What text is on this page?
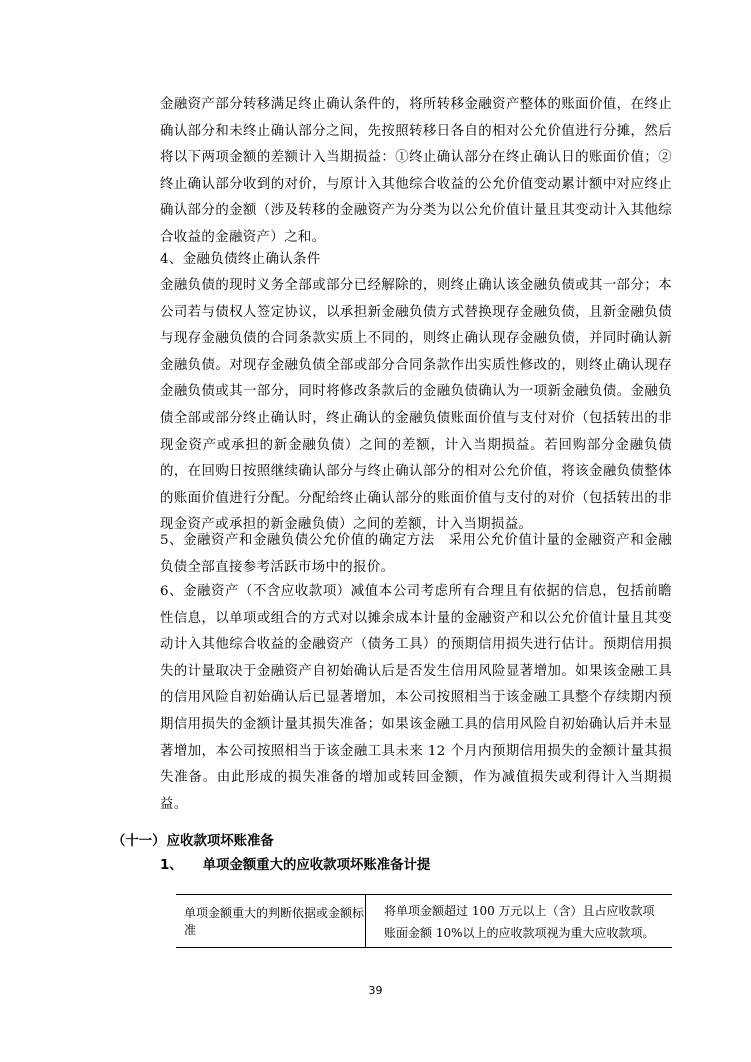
金融资产部分转移满足终止确认条件的，将所转移金融资产整体的账面价值，在终止确认部分和未终止确认部分之间，先按照转移日各自的相对公允价值进行分摊，然后将以下两项金额的差额计入当期损益：①终止确认部分在终止确认日的账面价值；②终止确认部分收到的对价，与原计入其他综合收益的公允价值变动累计额中对应终止确认部分的金额（涉及转移的金融资产为分类为以公允价值计量且其变动计入其他综合收益的金融资产）之和。

4、金融负债终止确认条件

金融负债的现时义务全部或部分已经解除的，则终止确认该金融负债或其一部分；本公司若与债权人签定协议，以承担新金融负债方式替换现存金融负债，且新金融负债与现存金融负债的合同条款实质上不同的，则终止确认现存金融负债，并同时确认新金融负债。对现存金融负债全部或部分合同条款作出实质性修改的，则终止确认现存金融负债或其一部分，同时将修改条款后的金融负债确认为一项新金融负债。金融负债全部或部分终止确认时，终止确认的金融负债账面价值与支付对价（包括转出的非现金资产或承担的新金融负债）之间的差额，计入当期损益。若回购部分金融负债的，在回购日按照继续确认部分与终止确认部分的相对公允价值，将该金融负债整体的账面价值进行分配。分配给终止确认部分的账面价值与支付的对价（包括转出的非现金资产或承担的新金融负债）之间的差额，计入当期损益。

5、金融资产和金融负债公允价值的确定方法　采用公允价值计量的金融资产和金融负债全部直接参考活跃市场中的报价。

6、金融资产（不含应收款项）减值本公司考虑所有合理且有依据的信息，包括前瞻性信息，以单项或组合的方式对以摊余成本计量的金融资产和以公允价值计量且其变动计入其他综合收益的金融资产（债务工具）的预期信用损失进行估计。预期信用损失的计量取决于金融资产自初始确认后是否发生信用风险显著增加。如果该金融工具的信用风险自初始确认后已显著增加，本公司按照相当于该金融工具整个存续期内预期信用损失的金额计量其损失准备；如果该金融工具的信用风险自初始确认后并未显著增加，本公司按照相当于该金融工具未来 12 个月内预期信用损失的金额计量其损失准备。由此形成的损失准备的增加或转回金额，作为减值损失或利得计入当期损益。

（十一） 应收款项坏账准备
1、 单项金额重大的应收款项坏账准备计提
单项金额重大的判断依据或金额标准
将单项金额超过 100 万元以上（含）且占应收款项账面金额 10%以上的应收款项视为重大应收款项。
39
